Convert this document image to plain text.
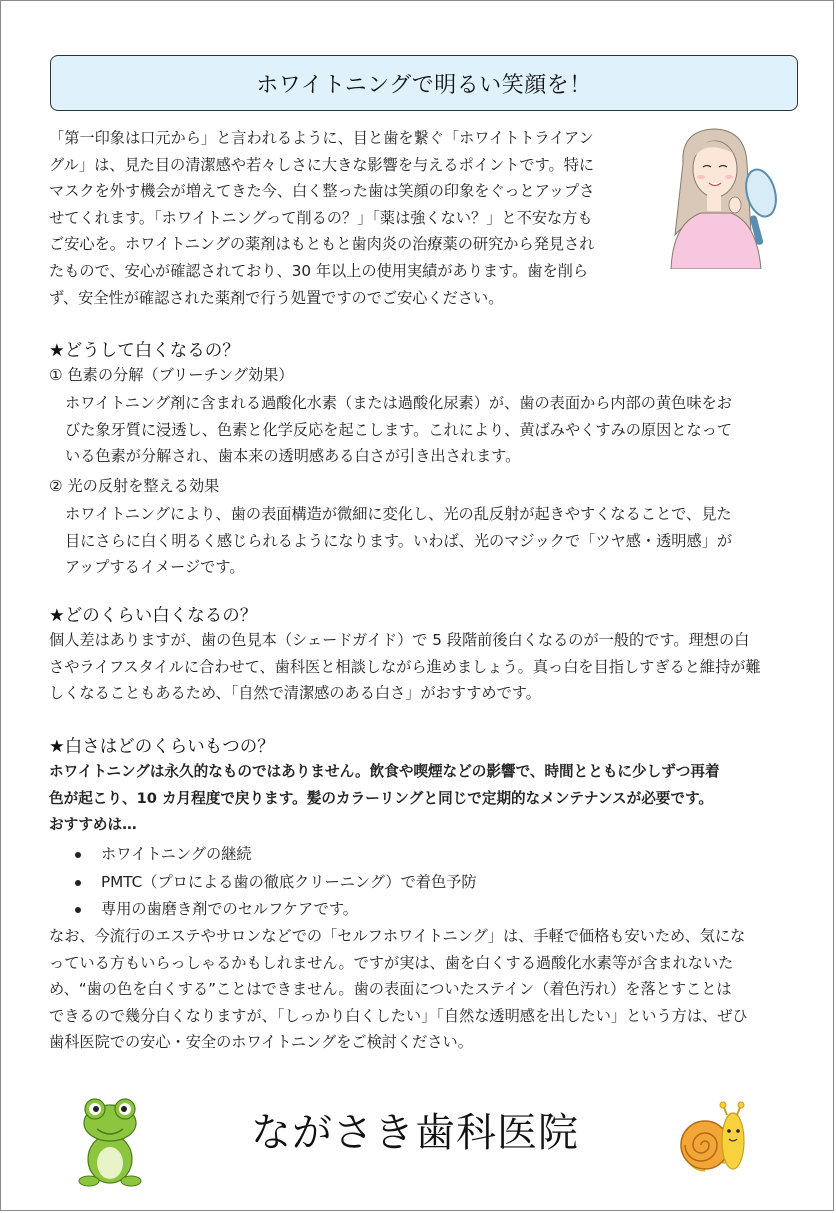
ホワイトニングで明るい笑顔を！
「第一印象は口元から」と言われるように、目と歯を繋ぐ「ホワイトトライアン
グル」は、見た目の清潔感や若々しさに大きな影響を与えるポイントです。特に
マスクを外す機会が増えてきた今、白く整った歯は笑顔の印象をぐっとアップさ
せてくれます。「ホワイトニングって削るの？」「薬は強くない？」と不安な方も
ご安心を。ホワイトニングの薬剤はもともと歯肉炎の治療薬の研究から発見され
たもので、安心が確認されており、30 年以上の使用実績があります。歯を削ら
ず、安全性が確認された薬剤で行う処置ですのでご安心ください。
★どうして白くなるの？
① 色素の分解（ブリーチング効果）
ホワイトニング剤に含まれる過酸化水素（または過酸化尿素）が、歯の表面から内部の黄色味をお
びた象牙質に浸透し、色素と化学反応を起こします。これにより、黄ばみやくすみの原因となって
いる色素が分解され、歯本来の透明感ある白さが引き出されます。
② 光の反射を整える効果
ホワイトニングにより、歯の表面構造が微細に変化し、光の乱反射が起きやすくなることで、見た
目にさらに白く明るく感じられるようになります。いわば、光のマジックで「ツヤ感・透明感」が
アップするイメージです。
★どのくらい白くなるの？
個人差はありますが、歯の色見本（シェードガイド）で 5 段階前後白くなるのが一般的です。理想の白
さやライフスタイルに合わせて、歯科医と相談しながら進めましょう。真っ白を目指しすぎると維持が難
しくなることもあるため、「自然で清潔感のある白さ」がおすすめです。
★白さはどのくらいもつの？
ホワイトニングは永久的なものではありません。飲食や喫煙などの影響で、時間とともに少しずつ再着
色が起こり、10 カ月程度で戻ります。髪のカラーリングと同じで定期的なメンテナンスが必要です。
おすすめは…
ホワイトニングの継続
PMTC（プロによる歯の徹底クリーニング）で着色予防
専用の歯磨き剤でのセルフケアです。
なお、今流行のエステやサロンなどでの「セルフホワイトニング」は、手軽で価格も安いため、気にな
っている方もいらっしゃるかもしれません。ですが実は、歯を白くする過酸化水素等が含まれないた
め、“歯の色を白くする”ことはできません。歯の表面についたステイン（着色汚れ）を落とすことは
できるので幾分白くなりますが、「しっかり白くしたい」「自然な透明感を出したい」という方は、ぜひ
歯科医院での安心・安全のホワイトニングをご検討ください。
ながさき歯科医院
